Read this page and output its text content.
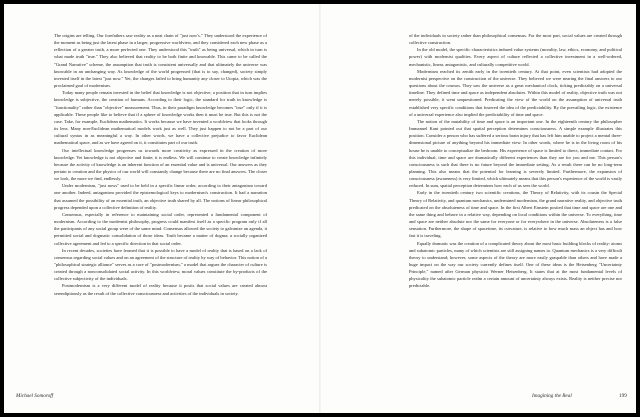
The origins are telling. Our forefathers saw reality as a neat chain of "just now's." They understood the experience of the moment as being just the latest phase in a larger, progressive worldview, and they considered each new phase as a reflection of a greater truth, a more perfected one. They understood this "truth" as being universal, which in turn is what made truth "true." They also believed that reality to be both finite and knowable. This came to be called the "Grand Narrative" scheme, the assumption that truth is consistent universally and that ultimately the universe was knowable in an unchanging way. As knowledge of the world progressed (that is to say, changed), society simply invested itself in the latest "just now." Yet, the changes failed to bring humanity any closer to Utopia, which was the proclaimed goal of modernism.

Today many people remain invested in the belief that knowledge is not objective, a position that in turn implies knowledge is subjective, the creation of humans. According to their logic, the standard for truth in knowledge is "functionality" rather than "objective" measurement. Thus, in their paradigm knowledge becomes "true" only if it is applicable. These people like to believe that if a sphere of knowledge works then it must be true. But this is not the case. Take, for example, Euclidean mathematics. It works because we have invented a worldview that looks through its lens. Many non-Euclidean mathematical models work just as well. They just happen to not be a part of our cultural syntax in as meaningful a way. In other words, we have a collective prejudice to favor Euclidean mathematical space, and as we have agreed on it, it constitutes part of our truth.

Our intellectual knowledge progresses us towards more creativity as expressed in the creation of more knowledge. Yet knowledge is not objective and finite; it is endless. We will continue to create knowledge infinitely because the activity of knowledge is an inherent function of an essential value and is universal. Our answers as they pertain to creation and the physics of our world will constantly change because there are no final answers. The closer we look, the more we find, endlessly.

Under modernism, "just nows" used to be held in a specific linear order, according to their antagonism toward one another. Indeed, antagonism provided the epistemological keys to modernism's construction. It had a narration that assumed the possibility of an essential truth, an objective truth shared by all. The notions of linear philosophical progress depended upon a collective definition of reality.

Consensus, especially in reference to maintaining social order, represented a fundamental component of modernism. According to the modernist philosophy, progress could manifest itself as a specific program only if all the participants of any social group were of the same mind. Consensus allowed the society to galvanize an agenda, it permitted social and dogmatic consolidation of those ideas. Truth became a matter of dogma; a socially organized collective agreement and led to a specific direction in that social order.

In recent decades, societies have learned that it is possible to have a model of reality that is based on a lack of consensus regarding social values and on an agreement of the structure of reality by way of behavior. This notion of a "philosophical strategic alliance" serves as a core of "postmodernism," a model that argues the character of culture is created through a nonconsolidated social activity. In this worldview, moral values constitute the by-products of the collective subjectivity of the individuals.

Postmodernism is a very different model of reality because it posits that social values are created almost serendipitously as the result of the collective consciousness and activities of the individuals in society.

Michael Somoroff

of the individuals in society rather than philosophical consensus. For the most part, social values are created through collective construction.

In the old model, the specific characteristics imbued value systems (morality, law, ethics, economy, and political power) with modernist qualities. Every aspect of culture reflected a collective investment in a well-ordered, mechanistic, linear, antagonistic, and culturally competitive world.

Modernism reached its zenith early in the twentieth century. At that point, even scientists had adopted the modernist perspective on the construction of the universe. They believed we were nearing the final answers to our questions about the cosmos. They saw the universe as a great mechanical clock, ticking predictably on a universal timeline. They defined time and space as independent absolutes. Within this model of reality, objective truth was not merely possible, it went unquestioned. Predicating the view of the world on the assumption of universal truth established very specific conditions that fostered the idea of the predictability. By the prevailing logic, the existence of a universal experience also implied the predictability of time and space.

The notion of the mutability of time and space is an important one. In the eighteenth century the philosopher Immanuel Kant pointed out that spatial perception determines consciousness. A simple example illustrates this position. Consider a person who has suffered a serious brain injury that has left him unable to project a mental three-dimensional picture of anything beyond his immediate view. In other words, where he is in the living room of his house he is unable to conceptualize the bedroom. His experience of space is limited to direct, immediate contact. For this individual, time and space are dramatically different experiences than they are for you and me. This person's consciousness is such that there is no future beyond the immediate setting. As a result there can be no long-term planning. This also means that the potential for learning is severely limited. Furthermore, the expansion of consciousness (awareness) is very limited, which ultimately means that this person's experience of the world is vastly reduced. In sum, spatial perception determines how each of us sees the world.

Early in the twentieth century two scientific creations, the Theory of Relativity, with its cousin the Special Theory of Relativity, and quantum mechanics, undermined modernism, the grand narrative reality, and objective truth predicated on the absoluteness of time and space. In the first Albert Einstein posited that time and space are one and the same thing and behave in a relative way, depending on local conditions within the universe. To everything, time and space are neither absolute nor the same for everyone or for everywhere in the universe. Absoluteness is a false sensation. Furthermore, the shape of spacetime, its curvature, is relative to how much mass an object has and how fast it is traveling.

Equally dramatic was the creation of a complicated theory about the most basic building blocks of reality: atoms and subatomic particles, many of which scientists are still assigning names to. Quantum mechanics is a very difficult theory to understand; however, some aspects of the theory are more easily graspable than others and have made a huge impact on the way our society currently defines itself. One of these ideas is the Heisenberg "Uncertainty Principle," named after German physicist Werner Heisenberg. It states that at the most fundamental levels of physicality the subatomic particle realm a certain amount of uncertainty always exists. Reality is neither precise nor predictable.

Imagining the Real	199
